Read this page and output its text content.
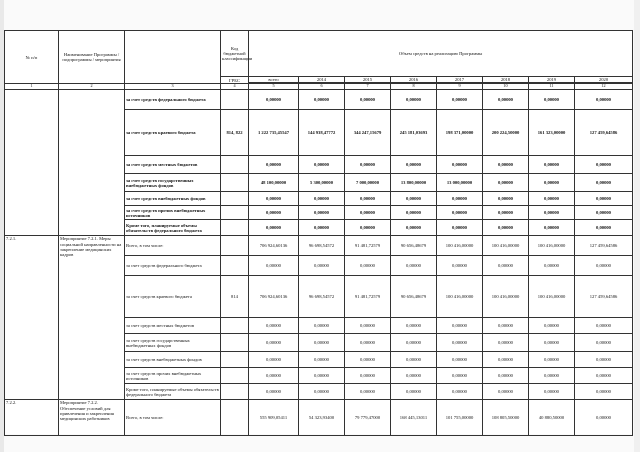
№ п/п	Наименование Программы / подпрограммы / мероприятия		Код бюджетной классификации	Объем средств на реализацию Программы							
			ГРБС	всего	2014	2015	2016	2017	2018	2019	2020

1	2	3	4	5	6	7	8	9	10	11	12
		за счет средств федерального бюджета		0,00000	0,00000	0,00000	0,00000	0,00000	0,00000	0,00000	0,00000
		за счет средств краевого бюджета	814, 822	1 222 735,45547	144 938,47772	344 247,15679	245 181,03693	198 371,00000	200 224,50000	161 323,00000	127 459,64586
		за счет средств местных бюджетов		0,00000	0,00000	0,00000	0,00000	0,00000	0,00000	0,00000	0,00000
		за счет средств государственных внебюджетных фондов		48 100,00000	5 300,00000	7 000,00000	13 800,00000	13 000,00000	0,00000	0,00000	0,00000
		за счет средств внебюджетных фондов		0,00000	0,00000	0,00000	0,00000	0,00000	0,00000	0,00000	0,00000
		за счет средств прочих внебюджетных источников		0,00000	0,00000	0,00000	0,00000	0,00000	0,00000	0,00000	0,00000
		Кроме того, планируемые объемы обязательств федерального бюджета		0,00000	0,00000	0,00000	0,00000	0,00000	0,00000	0,00000	0,00000
7.2.1.	Мероприятие 7.2.1. Меры социальной направленности на закрепление медицинских кадров	Всего, в том числе:		706 924,60136	96 698,54572	91 481,72579	90 656,48679	100 416,00000	100 416,00000	100 416,00000	127 459,64586
		за счет средств федерального бюджета		0,00000	0,00000	0,00000	0,00000	0,00000	0,00000	0,00000	0,00000
		за счет средств краевого бюджета	814	706 924,60136	96 698,54572	91 481,72579	90 656,48679	100 416,00000	100 416,00000	100 416,00000	127 459,64586
		за счет средств местных бюджетов		0,00000	0,00000	0,00000	0,00000	0,00000	0,00000	0,00000	0,00000
		за счет средств государственных внебюджетных фондов		0,00000	0,00000	0,00000	0,00000	0,00000	0,00000	0,00000	0,00000
		за счет средств внебюджетных фондов		0,00000	0,00000	0,00000	0,00000	0,00000	0,00000	0,00000	0,00000
		за счет средств прочих внебюджетных источников		0,00000	0,00000	0,00000	0,00000	0,00000	0,00000	0,00000	0,00000
		Кроме того, планируемые объемы обязательств федерального бюджета		0,00000	0,00000	0,00000	0,00000	0,00000	0,00000	0,00000	0,00000
7.2.2.	Мероприятие 7.2.2. Обеспечение условий для привлечения и закрепления медицинских работников	Всего, в том числе:		555 909,05411	54 323,93400	79 779,47000	168 445,13011	101 755,00000	108 805,50000	40 880,50000	0,00000
